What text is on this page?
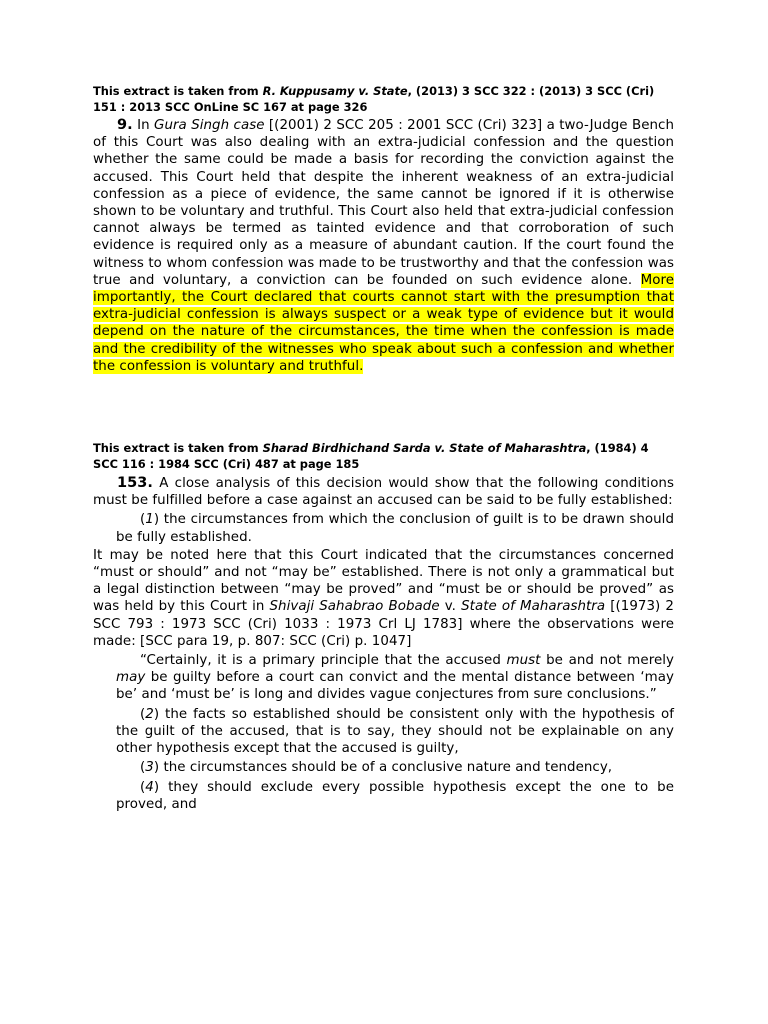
This extract is taken from R. Kuppusamy v. State, (2013) 3 SCC 322 : (2013) 3 SCC (Cri) 151 : 2013 SCC OnLine SC 167 at page 326

9. In Gura Singh case [(2001) 2 SCC 205 : 2001 SCC (Cri) 323] a two-Judge Bench of this Court was also dealing with an extra-judicial confession and the question whether the same could be made a basis for recording the conviction against the accused. This Court held that despite the inherent weakness of an extra-judicial confession as a piece of evidence, the same cannot be ignored if it is otherwise shown to be voluntary and truthful. This Court also held that extra-judicial confession cannot always be termed as tainted evidence and that corroboration of such evidence is required only as a measure of abundant caution. If the court found the witness to whom confession was made to be trustworthy and that the confession was true and voluntary, a conviction can be founded on such evidence alone. More importantly, the Court declared that courts cannot start with the presumption that extra-judicial confession is always suspect or a weak type of evidence but it would depend on the nature of the circumstances, the time when the confession is made and the credibility of the witnesses who speak about such a confession and whether the confession is voluntary and truthful.

This extract is taken from Sharad Birdhichand Sarda v. State of Maharashtra, (1984) 4 SCC 116 : 1984 SCC (Cri) 487 at page 185

153. A close analysis of this decision would show that the following conditions must be fulfilled before a case against an accused can be said to be fully established:

(1) the circumstances from which the conclusion of guilt is to be drawn should be fully established.

It may be noted here that this Court indicated that the circumstances concerned “must or should” and not “may be” established. There is not only a grammatical but a legal distinction between “may be proved” and “must be or should be proved” as was held by this Court in Shivaji Sahabrao Bobade v. State of Maharashtra [(1973) 2 SCC 793 : 1973 SCC (Cri) 1033 : 1973 Crl LJ 1783] where the observations were made: [SCC para 19, p. 807: SCC (Cri) p. 1047]

“Certainly, it is a primary principle that the accused must be and not merely may be guilty before a court can convict and the mental distance between ‘may be’ and ‘must be’ is long and divides vague conjectures from sure conclusions.”

(2) the facts so established should be consistent only with the hypothesis of the guilt of the accused, that is to say, they should not be explainable on any other hypothesis except that the accused is guilty,

(3) the circumstances should be of a conclusive nature and tendency,

(4) they should exclude every possible hypothesis except the one to be proved, and
